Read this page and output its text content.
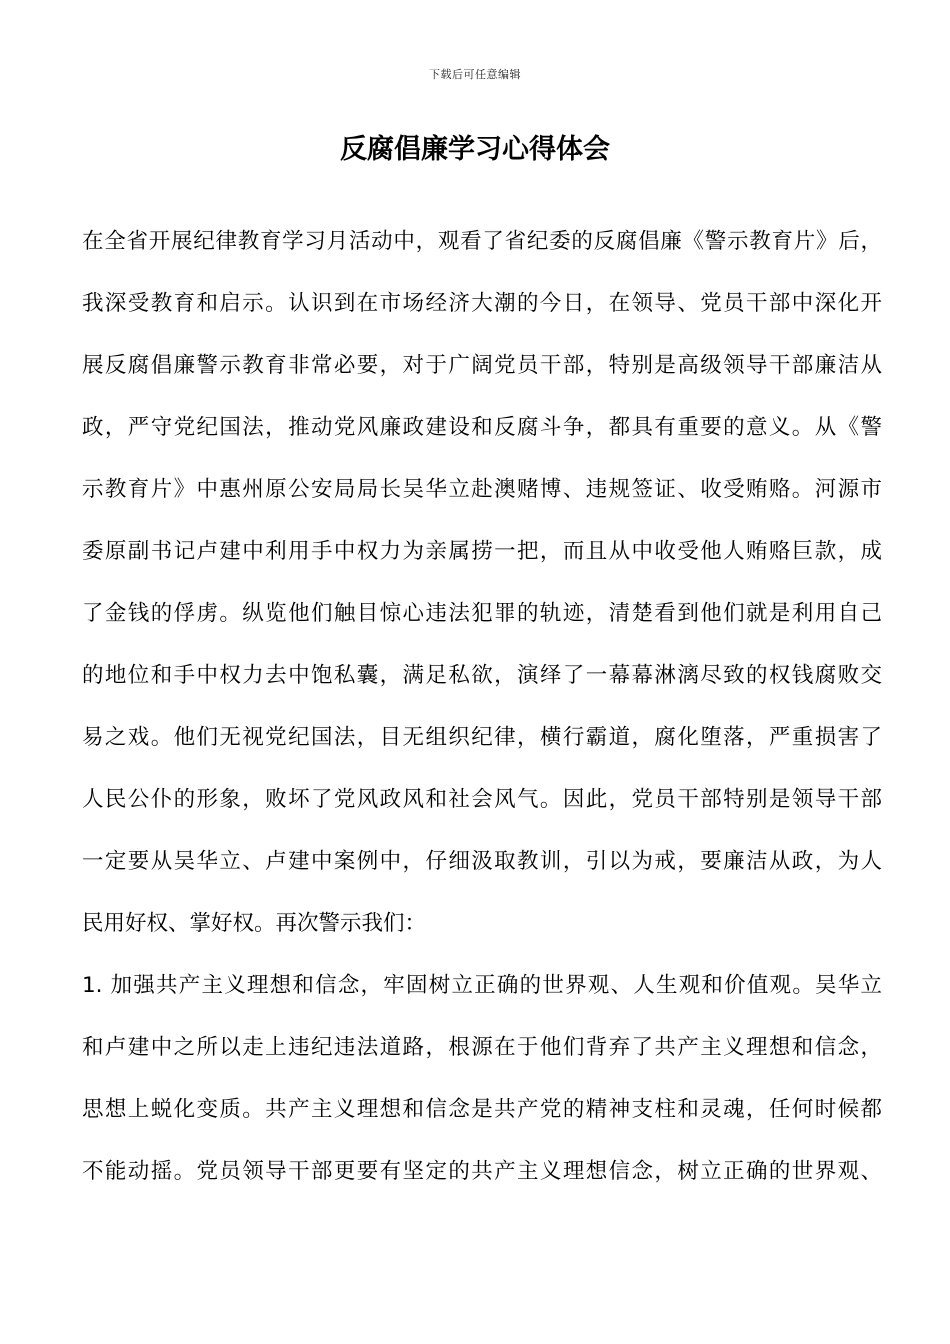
下载后可任意编辑
反腐倡廉学习心得体会
在全省开展纪律教育学习月活动中，观看了省纪委的反腐倡廉《警示教育片》后，
我深受教育和启示。认识到在市场经济大潮的今日，在领导、党员干部中深化开
展反腐倡廉警示教育非常必要，对于广阔党员干部，特别是高级领导干部廉洁从
政，严守党纪国法，推动党风廉政建设和反腐斗争，都具有重要的意义。从《警
示教育片》中惠州原公安局局长吴华立赴澳赌博、违规签证、收受贿赂。河源市
委原副书记卢建中利用手中权力为亲属捞一把，而且从中收受他人贿赂巨款，成
了金钱的俘虏。纵览他们触目惊心违法犯罪的轨迹，清楚看到他们就是利用自己
的地位和手中权力去中饱私囊，满足私欲，演绎了一幕幕淋漓尽致的权钱腐败交
易之戏。他们无视党纪国法，目无组织纪律，横行霸道，腐化堕落，严重损害了
人民公仆的形象，败坏了党风政风和社会风气。因此，党员干部特别是领导干部
一定要从吴华立、卢建中案例中，仔细汲取教训，引以为戒，要廉洁从政，为人
民用好权、掌好权。再次警示我们：
1. 加强共产主义理想和信念，牢固树立正确的世界观、人生观和价值观。吴华立
和卢建中之所以走上违纪违法道路，根源在于他们背弃了共产主义理想和信念，
思想上蜕化变质。共产主义理想和信念是共产党的精神支柱和灵魂，任何时候都
不能动摇。党员领导干部更要有坚定的共产主义理想信念，树立正确的世界观、
